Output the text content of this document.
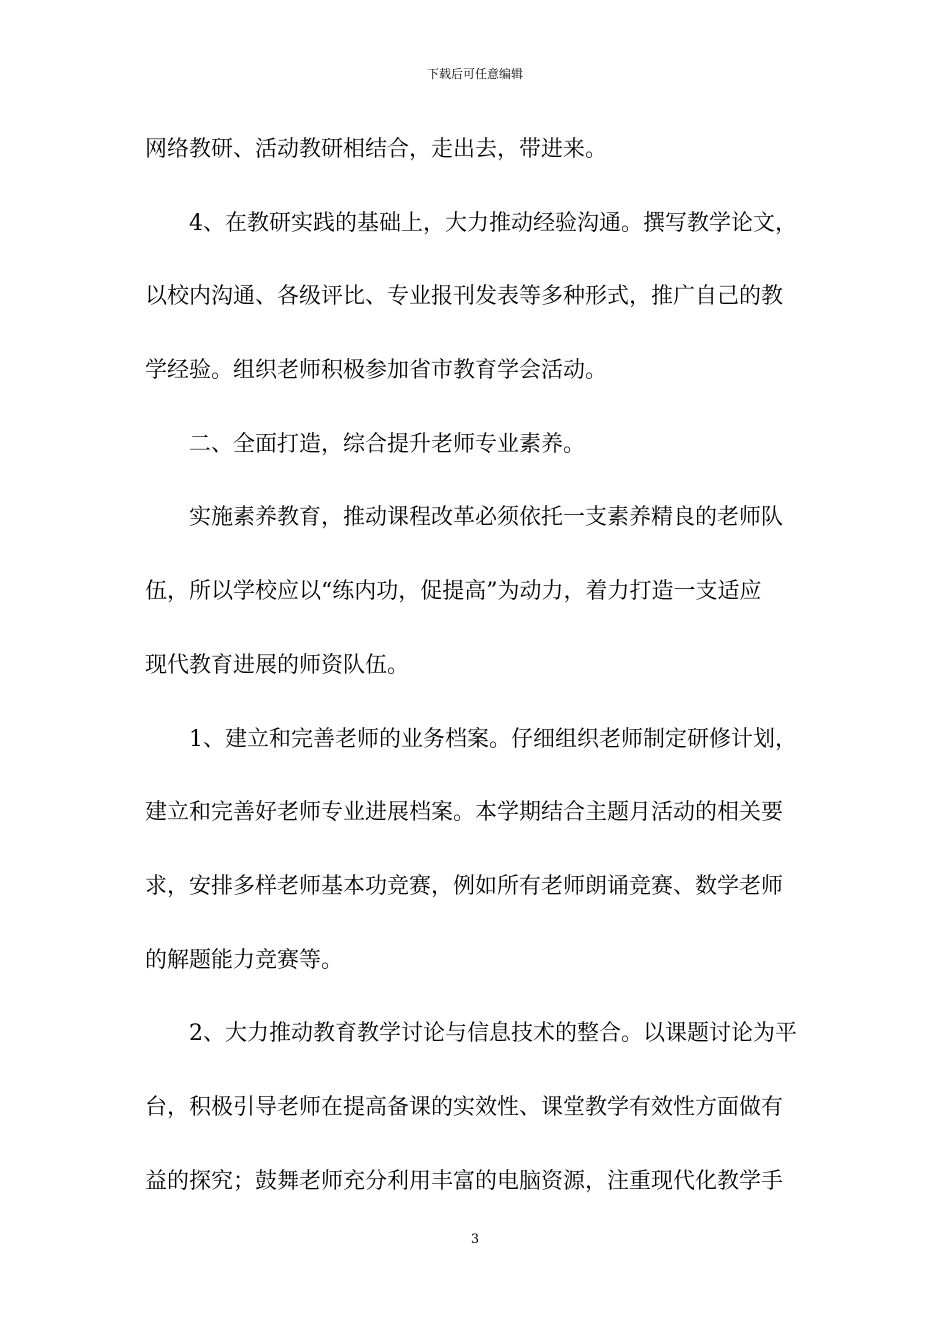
下载后可任意编辑
网络教研、活动教研相结合，走出去，带进来。
4、在教研实践的基础上，大力推动经验沟通。撰写教学论文，
以校内沟通、各级评比、专业报刊发表等多种形式，推广自己的教
学经验。组织老师积极参加省市教育学会活动。
二、全面打造，综合提升老师专业素养。
实施素养教育，推动课程改革必须依托一支素养精良的老师队
伍，所以学校应以“练内功，促提高”为动力，着力打造一支适应
现代教育进展的师资队伍。
1、建立和完善老师的业务档案。仔细组织老师制定研修计划，
建立和完善好老师专业进展档案。本学期结合主题月活动的相关要
求，安排多样老师基本功竞赛，例如所有老师朗诵竞赛、数学老师
的解题能力竞赛等。
2、大力推动教育教学讨论与信息技术的整合。以课题讨论为平
台，积极引导老师在提高备课的实效性、课堂教学有效性方面做有
益的探究；鼓舞老师充分利用丰富的电脑资源，注重现代化教学手
3
